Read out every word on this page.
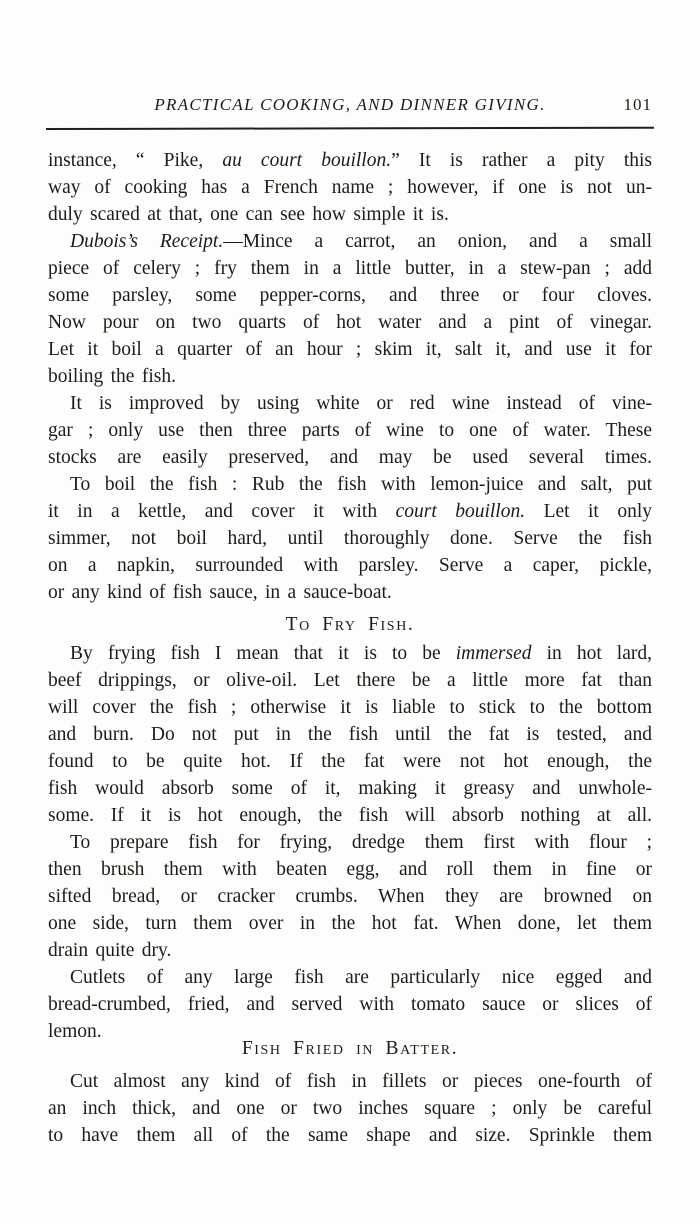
PRACTICAL COOKING, AND DINNER GIVING.	101
instance, “ Pike, au court bouillon.” It is rather a pity this
way of cooking has a French name ; however, if one is not un-
duly scared at that, one can see how simple it is.
Dubois’s Receipt.—Mince a carrot, an onion, and a small
piece of celery ; fry them in a little butter, in a stew-pan ; add
some parsley, some pepper-corns, and three or four cloves.
Now pour on two quarts of hot water and a pint of vinegar.
Let it boil a quarter of an hour ; skim it, salt it, and use it for
boiling the fish.
It is improved by using white or red wine instead of vine-
gar ; only use then three parts of wine to one of water. These
stocks are easily preserved, and may be used several times.
To boil the fish : Rub the fish with lemon-juice and salt, put
it in a kettle, and cover it with court bouillon. Let it only
simmer, not boil hard, until thoroughly done. Serve the fish
on a napkin, surrounded with parsley. Serve a caper, pickle,
or any kind of fish sauce, in a sauce-boat.
To Fry Fish.
By frying fish I mean that it is to be immersed in hot lard,
beef drippings, or olive-oil. Let there be a little more fat than
will cover the fish ; otherwise it is liable to stick to the bottom
and burn. Do not put in the fish until the fat is tested, and
found to be quite hot. If the fat were not hot enough, the
fish would absorb some of it, making it greasy and unwhole-
some. If it is hot enough, the fish will absorb nothing at all.
To prepare fish for frying, dredge them first with flour ;
then brush them with beaten egg, and roll them in fine or
sifted bread, or cracker crumbs. When they are browned on
one side, turn them over in the hot fat. When done, let them
drain quite dry.
Cutlets of any large fish are particularly nice egged and
bread-crumbed, fried, and served with tomato sauce or slices of
lemon.
Fish Fried in Batter.
Cut almost any kind of fish in fillets or pieces one-fourth of
an inch thick, and one or two inches square ; only be careful
to have them all of the same shape and size. Sprinkle them
